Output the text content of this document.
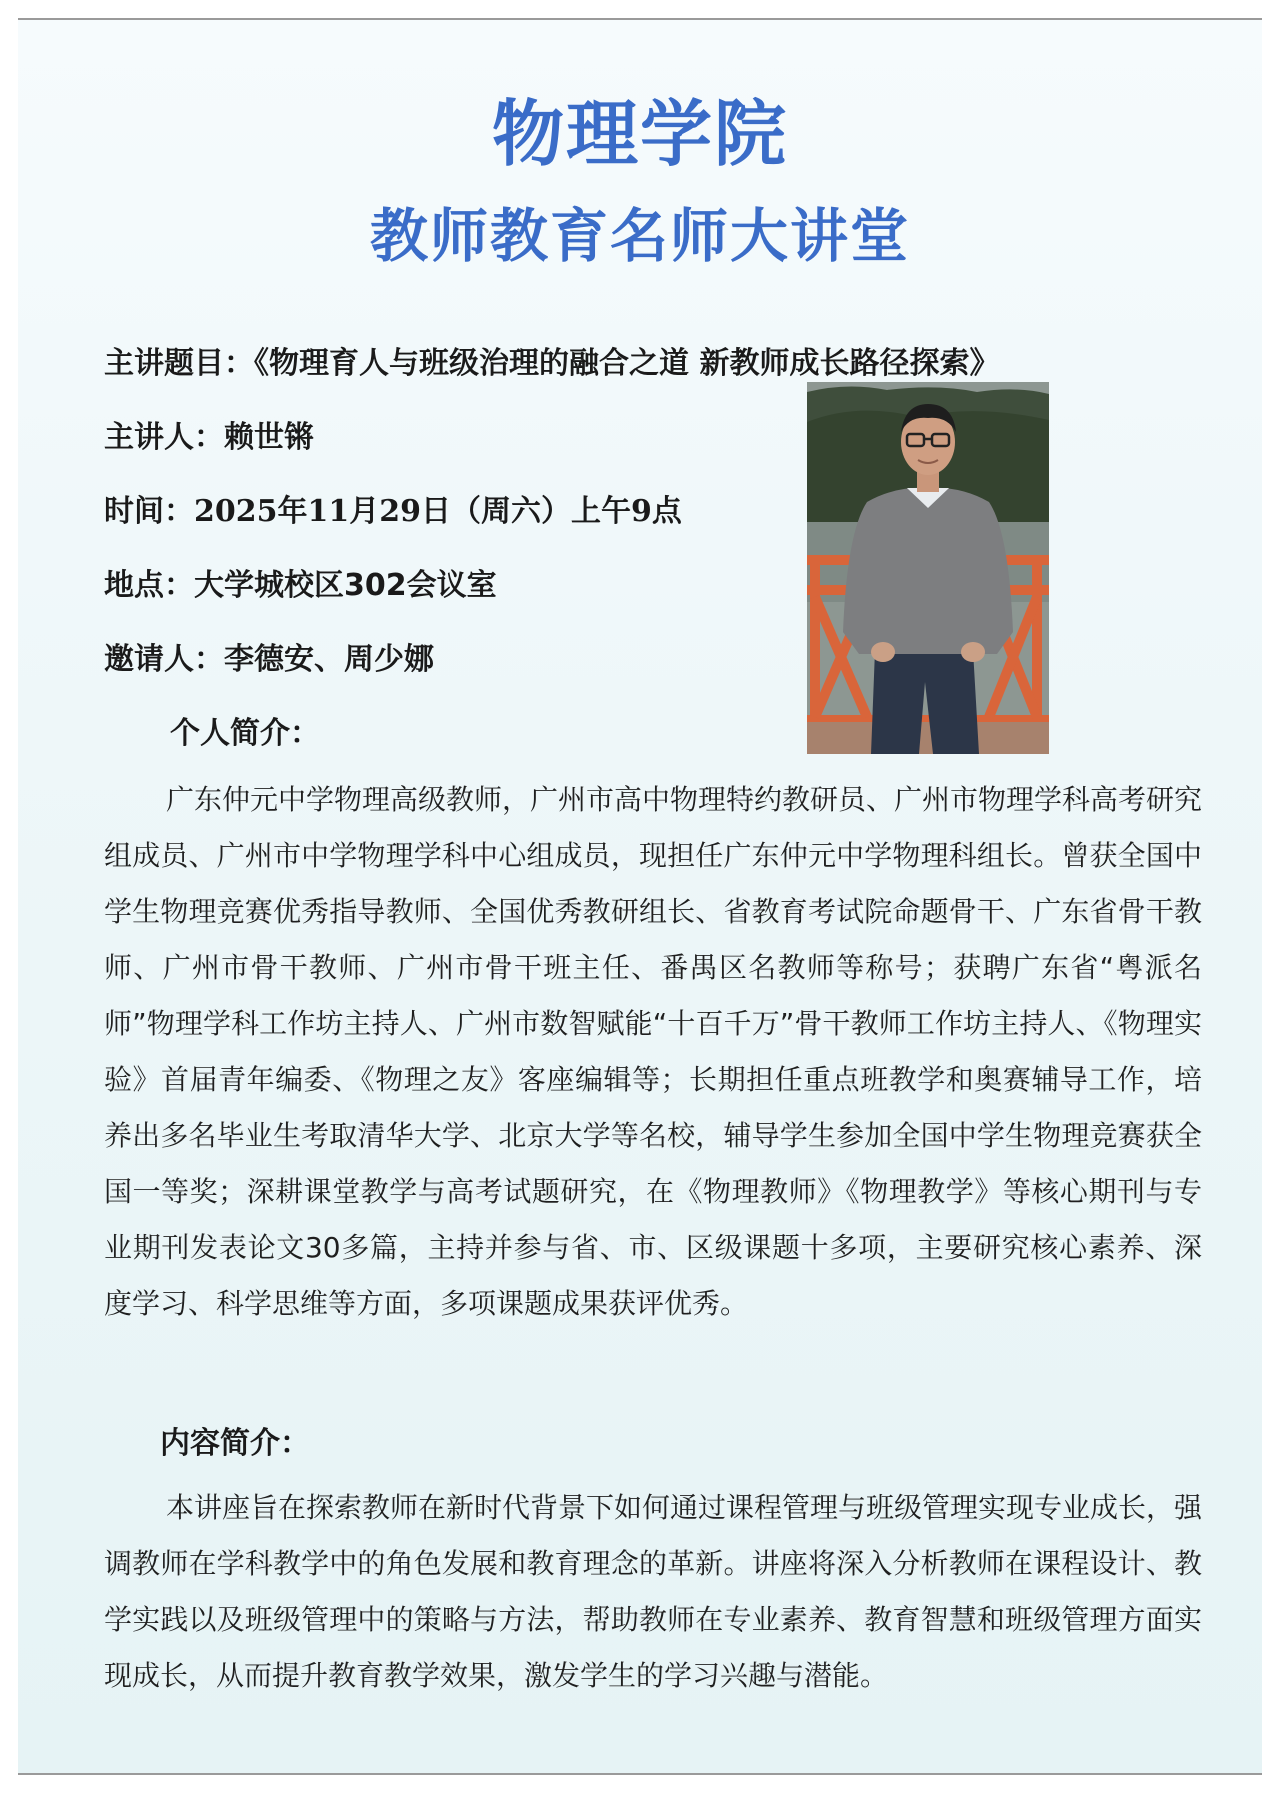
物理学院
教师教育名师大讲堂
主讲题目：《物理育人与班级治理的融合之道 新教师成长路径探索》
主讲人：赖世锵
时间：2025年11月29日（周六）上午9点
地点：大学城校区302会议室
邀请人：李德安、周少娜
个人简介：

广东仲元中学物理高级教师，广州市高中物理特约教研员、广州市物理学科高考研究组成员、广州市中学物理学科中心组成员，现担任广东仲元中学物理科组长。曾获全国中学生物理竞赛优秀指导教师、全国优秀教研组长、省教育考试院命题骨干、广东省骨干教师、广州市骨干教师、广州市骨干班主任、番禺区名教师等称号；获聘广东省“粤派名师”物理学科工作坊主持人、广州市数智赋能“十百千万”骨干教师工作坊主持人、《物理实验》首届青年编委、《物理之友》客座编辑等；长期担任重点班教学和奥赛辅导工作，培养出多名毕业生考取清华大学、北京大学等名校，辅导学生参加全国中学生物理竞赛获全国一等奖；深耕课堂教学与高考试题研究，在《物理教师》《物理教学》等核心期刊与专业期刊发表论文30多篇，主持并参与省、市、区级课题十多项，主要研究核心素养、深度学习、科学思维等方面，多项课题成果获评优秀。

内容简介：

本讲座旨在探索教师在新时代背景下如何通过课程管理与班级管理实现专业成长，强调教师在学科教学中的角色发展和教育理念的革新。讲座将深入分析教师在课程设计、教学实践以及班级管理中的策略与方法，帮助教师在专业素养、教育智慧和班级管理方面实现成长，从而提升教育教学效果，激发学生的学习兴趣与潜能。
